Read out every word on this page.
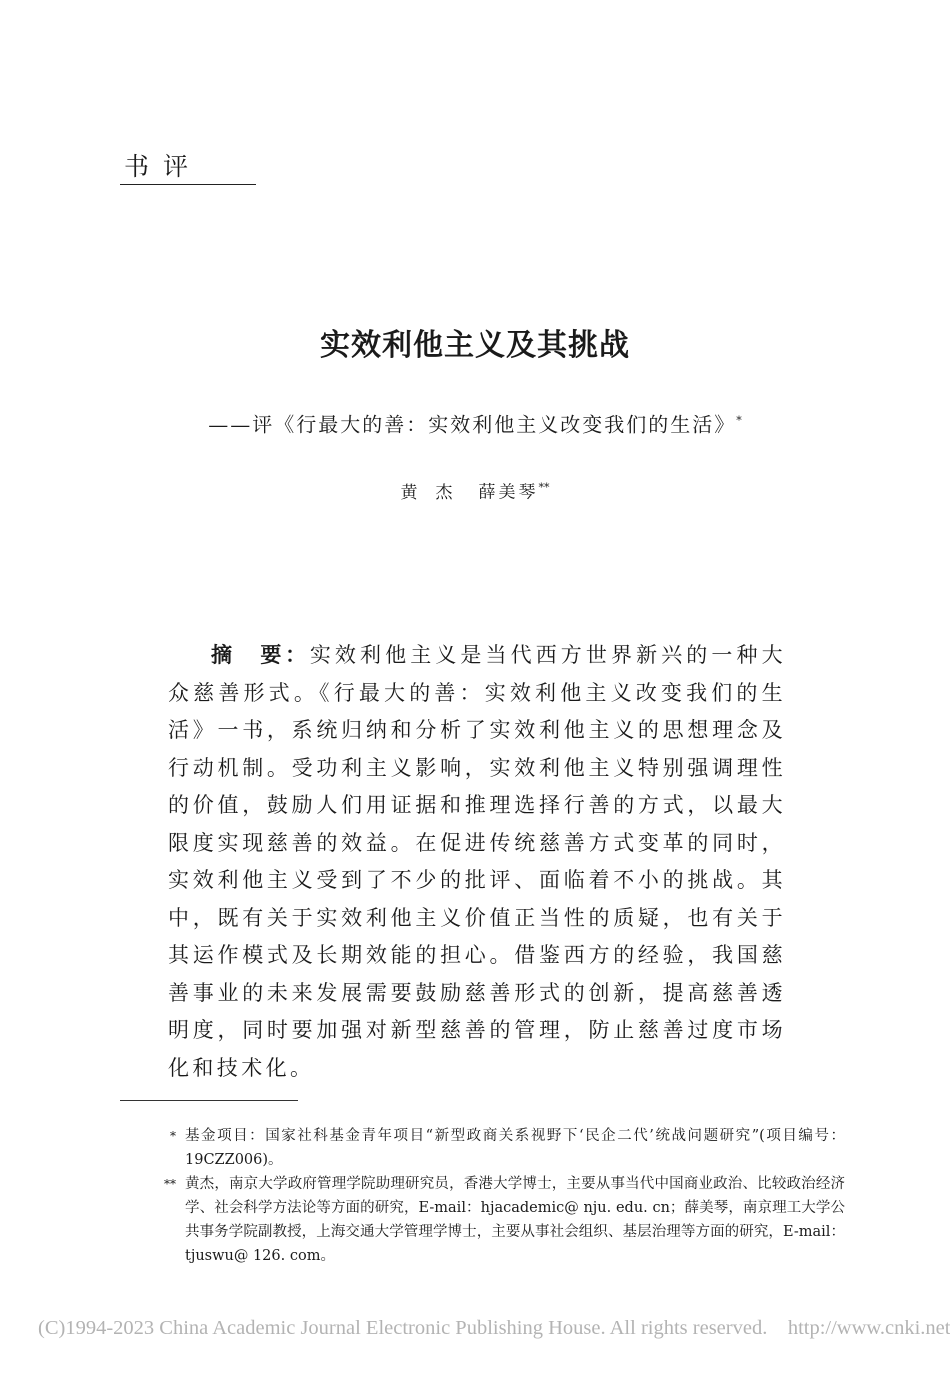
书评
实效利他主义及其挑战
——评《行最大的善：实效利他主义改变我们的生活》*
黄杰 薛美琴**
摘　要：实效利他主义是当代西方世界新兴的一种大众慈善形式。《行最大的善：实效利他主义改变我们的生活》一书，系统归纳和分析了实效利他主义的思想理念及行动机制。受功利主义影响，实效利他主义特别强调理性的价值，鼓励人们用证据和推理选择行善的方式，以最大限度实现慈善的效益。在促进传统慈善方式变革的同时，实效利他主义受到了不少的批评、面临着不小的挑战。其中，既有关于实效利他主义价值正当性的质疑，也有关于其运作模式及长期效能的担心。借鉴西方的经验，我国慈善事业的未来发展需要鼓励慈善形式的创新，提高慈善透明度，同时要加强对新型慈善的管理，防止慈善过度市场化和技术化。
* 基金项目：国家社科基金青年项目“新型政商关系视野下‘民企二代’统战问题研究”(项目编号：19CZZ006)。
** 黄杰，南京大学政府管理学院助理研究员，香港大学博士，主要从事当代中国商业政治、比较政治经济学、社会科学方法论等方面的研究，E-mail：hjacademic@ nju. edu. cn；薛美琴，南京理工大学公共事务学院副教授，上海交通大学管理学博士，主要从事社会组织、基层治理等方面的研究，E-mail：tjuswu@ 126. com。
(C)1994-2023 China Academic Journal Electronic Publishing House. All rights reserved.    http://www.cnki.net
